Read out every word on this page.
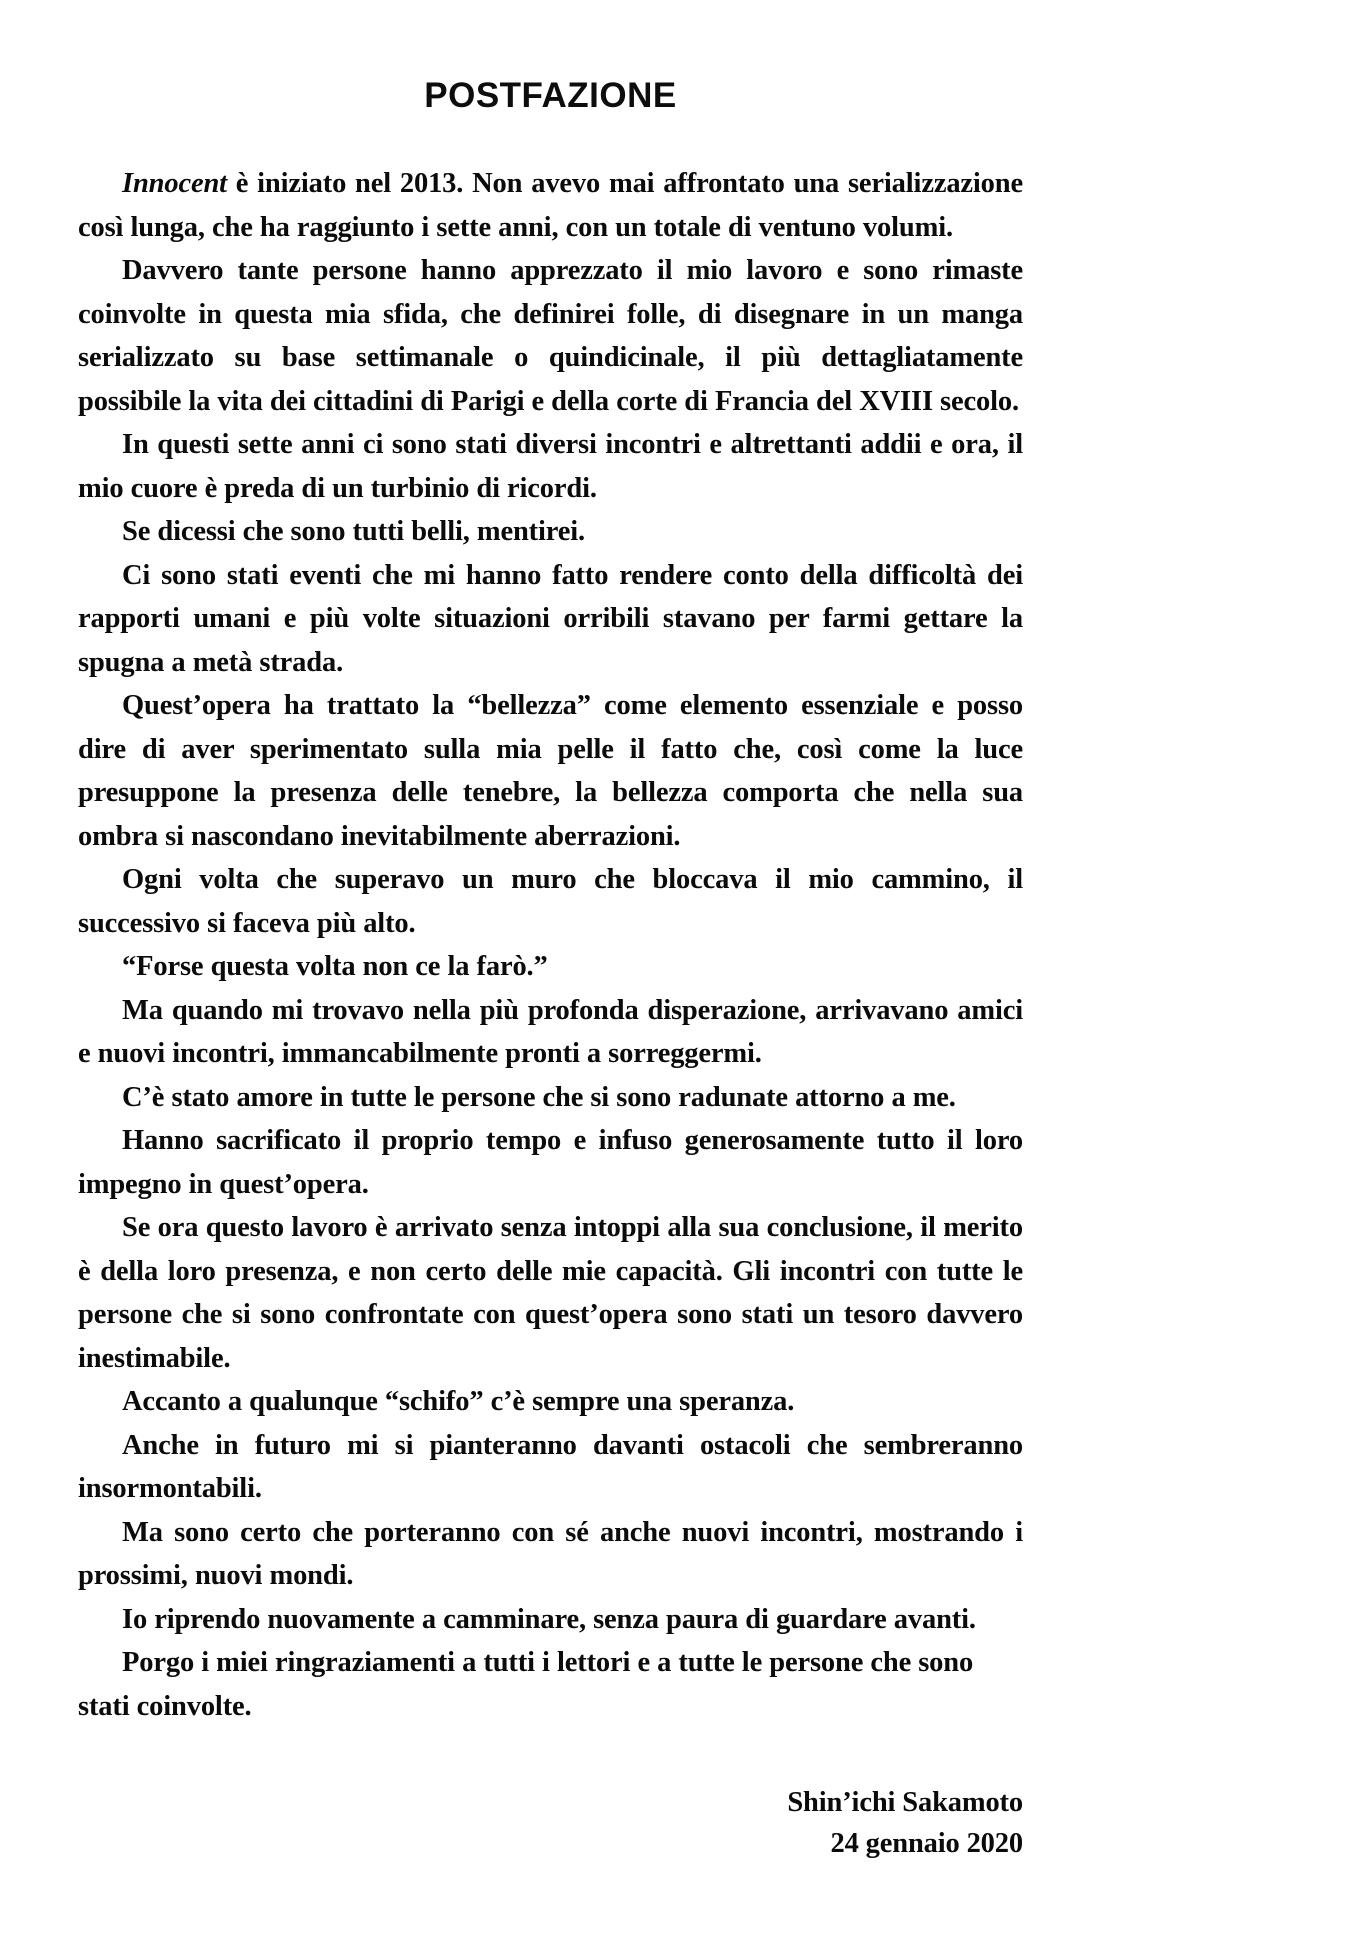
POSTFAZIONE

Innocent è iniziato nel 2013. Non avevo mai affrontato una serializzazione così lunga, che ha raggiunto i sette anni, con un totale di ventuno volumi.

Davvero tante persone hanno apprezzato il mio lavoro e sono rimaste coinvolte in questa mia sfida, che definirei folle, di disegnare in un manga serializzato su base settimanale o quindicinale, il più dettagliatamente possibile la vita dei cittadini di Parigi e della corte di Francia del XVIII secolo.

In questi sette anni ci sono stati diversi incontri e altrettanti addii e ora, il mio cuore è preda di un turbinio di ricordi.

Se dicessi che sono tutti belli, mentirei.

Ci sono stati eventi che mi hanno fatto rendere conto della difficoltà dei rapporti umani e più volte situazioni orribili stavano per farmi gettare la spugna a metà strada.

Quest’opera ha trattato la “bellezza” come elemento essenziale e posso dire di aver sperimentato sulla mia pelle il fatto che, così come la luce presuppone la presenza delle tenebre, la bellezza comporta che nella sua ombra si nascondano inevitabilmente aberrazioni.

Ogni volta che superavo un muro che bloccava il mio cammino, il successivo si faceva più alto.

“Forse questa volta non ce la farò.”

Ma quando mi trovavo nella più profonda disperazione, arrivavano amici e nuovi incontri, immancabilmente pronti a sorreggermi.

C’è stato amore in tutte le persone che si sono radunate attorno a me.

Hanno sacrificato il proprio tempo e infuso generosamente tutto il loro impegno in quest’opera.

Se ora questo lavoro è arrivato senza intoppi alla sua conclusione, il merito è della loro presenza, e non certo delle mie capacità. Gli incontri con tutte le persone che si sono confrontate con quest’opera sono stati un tesoro davvero inestimabile.

Accanto a qualunque “schifo” c’è sempre una speranza.

Anche in futuro mi si pianteranno davanti ostacoli che sembreranno insormontabili.

Ma sono certo che porteranno con sé anche nuovi incontri, mostrando i prossimi, nuovi mondi.

Io riprendo nuovamente a camminare, senza paura di guardare avanti.

Porgo i miei ringraziamenti a tutti i lettori e a tutte le persone che sono stati coinvolte.

Shin’ichi Sakamoto
24 gennaio 2020
